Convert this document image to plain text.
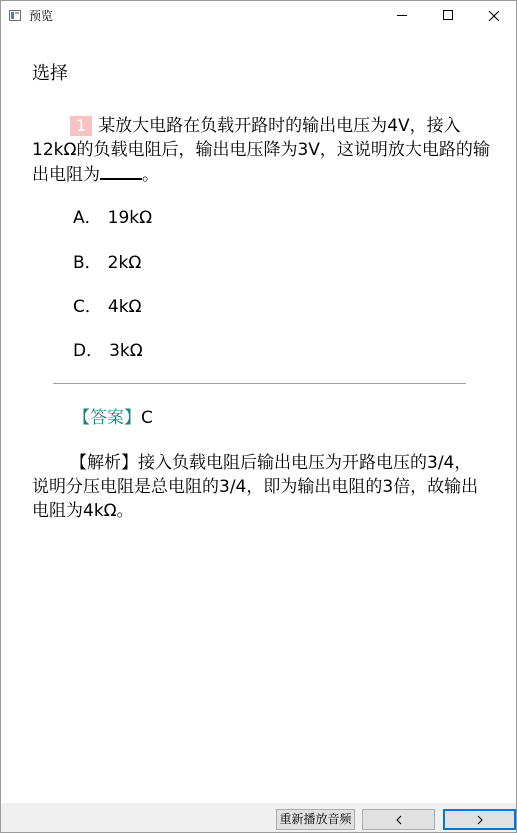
预览
选择
1 某放大电路在负载开路时的输出电压为4V，接入12kΩ的负载电阻后，输出电压降为3V，这说明放大电路的输出电阻为 。
A． 19kΩ
B． 2kΩ
C． 4kΩ
D． 3kΩ
【答案】C
【解析】接入负载电阻后输出电压为开路电压的3/4，说明分压电阻是总电阻的3/4，即为输出电阻的3倍，故输出电阻为4kΩ。
重新播放音频
